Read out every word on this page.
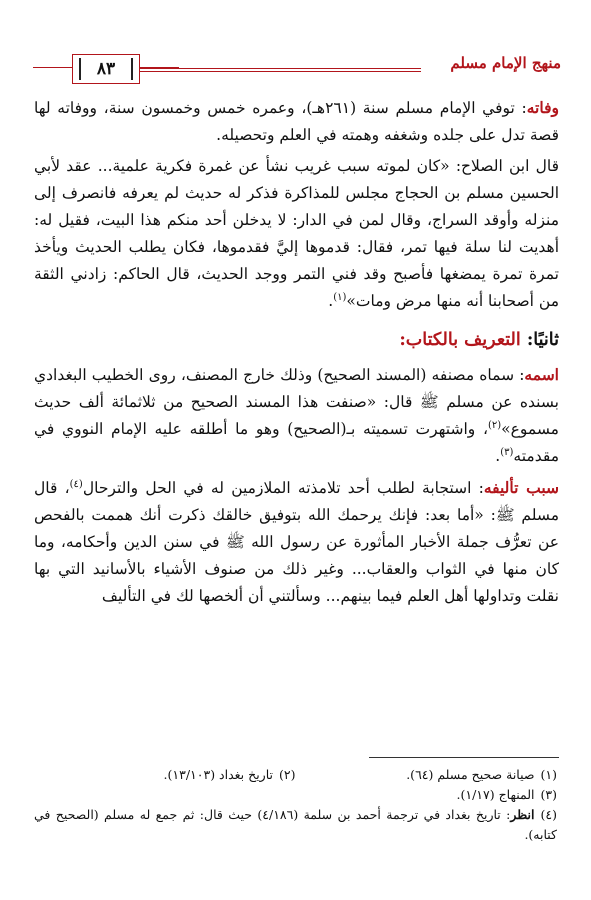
منهج الإمام مسلم
٨٣

وفاته: توفي الإمام مسلم سنة (٢٦١هـ)، وعمره خمس وخمسون سنة، ووفاته لها قصة تدل على جلده وشغفه وهمته في العلم وتحصيله.

قال ابن الصلاح: «كان لموته سبب غريب نشأ عن غمرة فكرية علمية... عقد لأبي الحسين مسلم بن الحجاج مجلس للمذاكرة فذكر له حديث لم يعرفه فانصرف إلى منزله وأوقد السراج، وقال لمن في الدار: لا يدخلن أحد منكم هذا البيت، فقيل له: أهديت لنا سلة فيها تمر، فقال: قدموها إليَّ فقدموها، فكان يطلب الحديث ويأخذ تمرة تمرة يمضغها فأصبح وقد فني التمر ووجد الحديث، قال الحاكم: زادني الثقة من أصحابنا أنه منها مرض ومات»$^{(١)}$.

ثانيًا: التعريف بالكتاب:

اسمه: سماه مصنفه (المسند الصحيح) وذلك خارج المصنف، روى الخطيب البغدادي بسنده عن مسلم ﷺ قال: «صنفت هذا المسند الصحيح من ثلاثمائة ألف حديث مسموع»$^{(٢)}$، واشتهرت تسميته بـ(الصحيح) وهو ما أطلقه عليه الإمام النووي في مقدمته$^{(٣)}$.

سبب تأليفه: استجابة لطلب أحد تلامذته الملازمين له في الحل والترحال$^{(٤)}$، قال مسلم ﷺ: «أما بعد: فإنك يرحمك الله بتوفيق خالقك ذكرت أنك هممت بالفحص عن تعرُّف جملة الأخبار المأثورة عن رسول الله ﷺ في سنن الدين وأحكامه، وما كان منها في الثواب والعقاب... وغير ذلك من صنوف الأشياء بالأسانيد التي بها نقلت وتداولها أهل العلم فيما بينهم... وسألتني أن ألخصها لك في التأليف

(١)صيانة صحيح مسلم (٦٤).
(٢)تاريخ بغداد (١٣/١٠٣).
(٣)المنهاج (١/١٧).
(٤)انظر: تاريخ بغداد في ترجمة أحمد بن سلمة (٤/١٨٦) حيث قال: ثم جمع له مسلم (الصحيح في كتابه).
